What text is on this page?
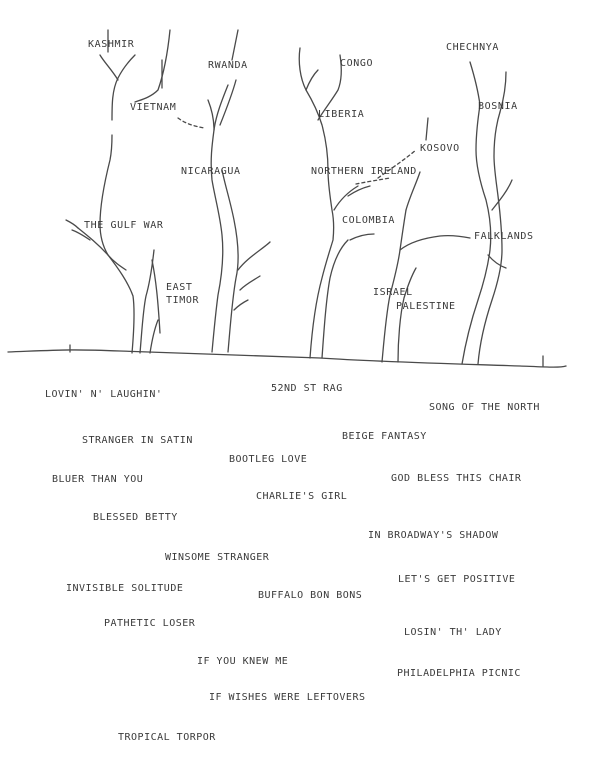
KASHMIR
RWANDA	CONGO
CHECHNYA
VIETNAM
LIBERIA
BOSNIA
KOSOVO
NICARAGUA	NORTHERN IRELAND
COLOMBIA
THE GULF WAR
FALKLANDS
EAST
TIMOR
ISRAEL
PALESTINE
LOVIN' N' LAUGHIN'
52ND ST RAG
SONG OF THE NORTH
STRANGER IN SATIN	BEIGE FANTASY
BOOTLEG LOVE
BLUER THAN YOU	GOD BLESS THIS CHAIR
CHARLIE'S GIRL
BLESSED BETTY
IN BROADWAY'S SHADOW
WINSOME STRANGER
INVISIBLE SOLITUDE
LET'S GET POSITIVE
BUFFALO BON BONS
PATHETIC LOSER
LOSIN' TH' LADY
IF YOU KNEW ME
PHILADELPHIA PICNIC
IF WISHES WERE LEFTOVERS
TROPICAL TORPOR
